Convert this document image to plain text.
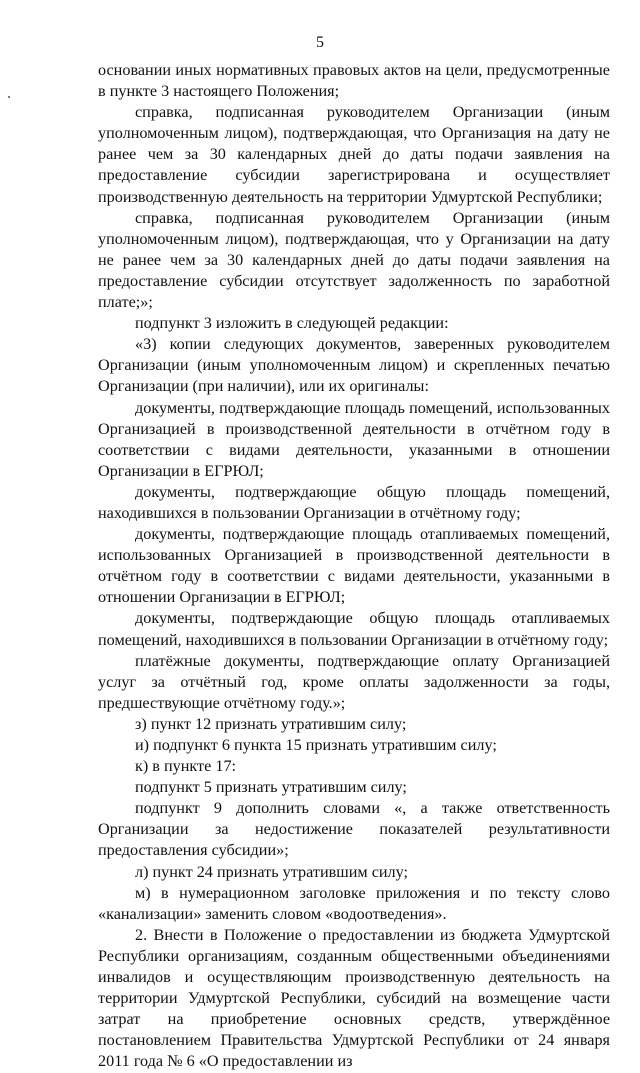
5

основании иных нормативных правовых актов на цели, предусмотренные в пункте 3 настоящего Положения;

справка, подписанная руководителем Организации (иным уполномоченным лицом), подтверждающая, что Организация на дату не ранее чем за 30 календарных дней до даты подачи заявления на предоставление субсидии зарегистрирована и осуществляет производственную деятельность на территории Удмуртской Республики;

справка, подписанная руководителем Организации (иным уполномоченным лицом), подтверждающая, что у Организации на дату не ранее чем за 30 календарных дней до даты подачи заявления на предоставление субсидии отсутствует задолженность по заработной плате;»;

подпункт 3 изложить в следующей редакции:

«3) копии следующих документов, заверенных руководителем Организации (иным уполномоченным лицом) и скрепленных печатью Организации (при наличии), или их оригиналы:

документы, подтверждающие площадь помещений, использованных Организацией в производственной деятельности в отчётном году в соответствии с видами деятельности, указанными в отношении Организации в ЕГРЮЛ;

документы, подтверждающие общую площадь помещений, находившихся в пользовании Организации в отчётному году;

документы, подтверждающие площадь отапливаемых помещений, использованных Организацией в производственной деятельности в отчётном году в соответствии с видами деятельности, указанными в отношении Организации в ЕГРЮЛ;

документы, подтверждающие общую площадь отапливаемых помещений, находившихся в пользовании Организации в отчётному году;

платёжные документы, подтверждающие оплату Организацией услуг за отчётный год, кроме оплаты задолженности за годы, предшествующие отчётному году.»;

з) пункт 12 признать утратившим силу;

и) подпункт 6 пункта 15 признать утратившим силу;

к) в пункте 17:

подпункт 5 признать утратившим силу;

подпункт 9 дополнить словами «, а также ответственность Организации за недостижение показателей результативности предоставления субсидии»;

л) пункт 24 признать утратившим силу;

м) в нумерационном заголовке приложения и по тексту слово «канализации» заменить словом «водоотведения».

2. Внести в Положение о предоставлении из бюджета Удмуртской Республики организациям, созданным общественными объединениями инвалидов и осуществляющим производственную деятельность на территории Удмуртской Республики, субсидий на возмещение части затрат на приобретение основных средств, утверждённое постановлением Правительства Удмуртской Республики от 24 января 2011 года № 6 «О предоставлении из
